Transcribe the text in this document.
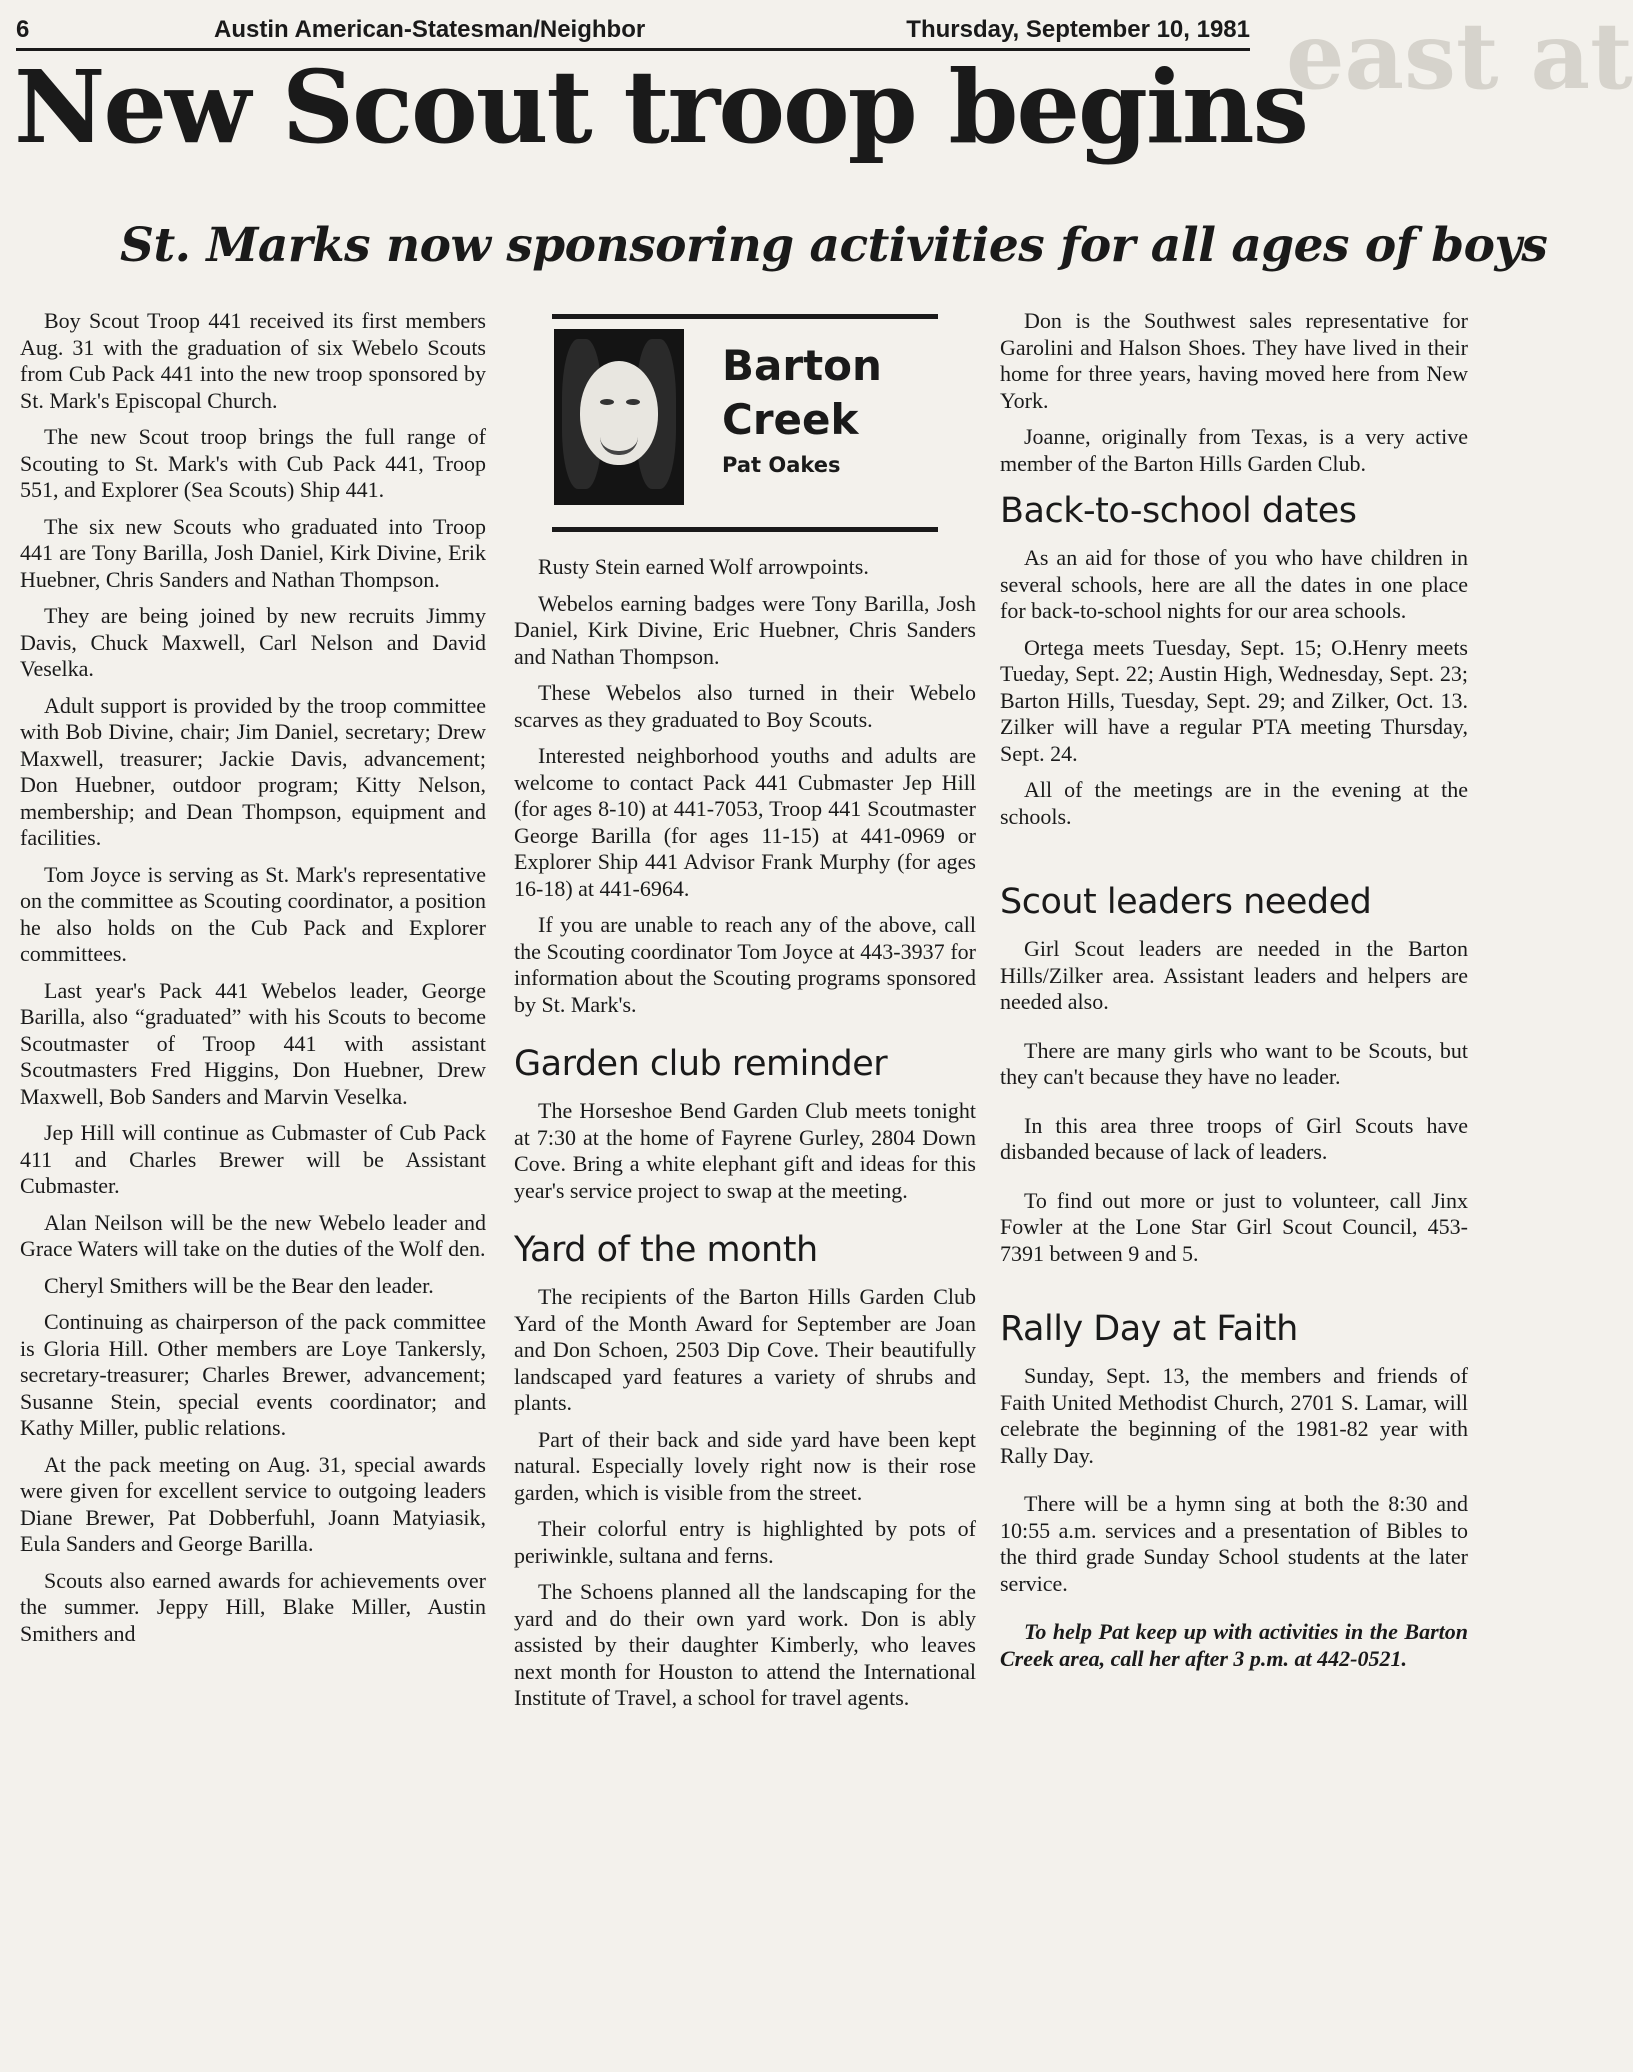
east at
6	Austin American-Statesman/Neighbor	Thursday, September 10, 1981
New Scout troop begins
St. Marks now sponsoring activities for all ages of boys

Boy Scout Troop 441 received its first members Aug. 31 with the graduation of six Webelo Scouts from Cub Pack 441 into the new troop sponsored by St. Mark's Episcopal Church.

The new Scout troop brings the full range of Scouting to St. Mark's with Cub Pack 441, Troop 551, and Explorer (Sea Scouts) Ship 441.

The six new Scouts who graduated into Troop 441 are Tony Barilla, Josh Daniel, Kirk Divine, Erik Huebner, Chris Sanders and Nathan Thompson.

They are being joined by new recruits Jimmy Davis, Chuck Maxwell, Carl Nelson and David Veselka.

Adult support is provided by the troop committee with Bob Divine, chair; Jim Daniel, secretary; Drew Maxwell, treasurer; Jackie Davis, advancement; Don Huebner, outdoor program; Kitty Nelson, membership; and Dean Thompson, equipment and facilities.

Tom Joyce is serving as St. Mark's representative on the committee as Scouting coordinator, a position he also holds on the Cub Pack and Explorer committees.

Last year's Pack 441 Webelos leader, George Barilla, also “graduated” with his Scouts to become Scoutmaster of Troop 441 with assistant Scoutmasters Fred Higgins, Don Huebner, Drew Maxwell, Bob Sanders and Marvin Veselka.

Jep Hill will continue as Cubmaster of Cub Pack 411 and Charles Brewer will be Assistant Cubmaster.

Alan Neilson will be the new Webelo leader and Grace Waters will take on the duties of the Wolf den.

Cheryl Smithers will be the Bear den leader.

Continuing as chairperson of the pack committee is Gloria Hill. Other members are Loye Tankersly, secretary-treasurer; Charles Brewer, advancement; Susanne Stein, special events coordinator; and Kathy Miller, public relations.

At the pack meeting on Aug. 31, special awards were given for excellent service to outgoing leaders Diane Brewer, Pat Dobberfuhl, Joann Matyiasik, Eula Sanders and George Barilla.

Scouts also earned awards for achievements over the summer. Jeppy Hill, Blake Miller, Austin Smithers and

Barton
Creek
Pat Oakes

Rusty Stein earned Wolf arrowpoints.

Webelos earning badges were Tony Barilla, Josh Daniel, Kirk Divine, Eric Huebner, Chris Sanders and Nathan Thompson.

These Webelos also turned in their Webelo scarves as they graduated to Boy Scouts.

Interested neighborhood youths and adults are welcome to contact Pack 441 Cubmaster Jep Hill (for ages 8-10) at 441-7053, Troop 441 Scoutmaster George Barilla (for ages 11-15) at 441-0969 or Explorer Ship 441 Advisor Frank Murphy (for ages 16-18) at 441-6964.

If you are unable to reach any of the above, call the Scouting coordinator Tom Joyce at 443-3937 for information about the Scouting programs sponsored by St. Mark's.

Garden club reminder

The Horseshoe Bend Garden Club meets tonight at 7:30 at the home of Fayrene Gurley, 2804 Down Cove. Bring a white elephant gift and ideas for this year's service project to swap at the meeting.

Yard of the month

The recipients of the Barton Hills Garden Club Yard of the Month Award for September are Joan and Don Schoen, 2503 Dip Cove. Their beautifully landscaped yard features a variety of shrubs and plants.

Part of their back and side yard have been kept natural. Especially lovely right now is their rose garden, which is visible from the street.

Their colorful entry is highlighted by pots of periwinkle, sultana and ferns.

The Schoens planned all the landscaping for the yard and do their own yard work. Don is ably assisted by their daughter Kimberly, who leaves next month for Houston to attend the International Institute of Travel, a school for travel agents.

Don is the Southwest sales representative for Garolini and Halson Shoes. They have lived in their home for three years, having moved here from New York.

Joanne, originally from Texas, is a very active member of the Barton Hills Garden Club.

Back-to-school dates

As an aid for those of you who have children in several schools, here are all the dates in one place for back-to-school nights for our area schools.

Ortega meets Tuesday, Sept. 15; O.Henry meets Tueday, Sept. 22; Austin High, Wednesday, Sept. 23; Barton Hills, Tuesday, Sept. 29; and Zilker, Oct. 13. Zilker will have a regular PTA meeting Thursday, Sept. 24.

All of the meetings are in the evening at the schools.

Scout leaders needed

Girl Scout leaders are needed in the Barton Hills/Zilker area. Assistant leaders and helpers are needed also.

There are many girls who want to be Scouts, but they can't because they have no leader.

In this area three troops of Girl Scouts have disbanded because of lack of leaders.

To find out more or just to volunteer, call Jinx Fowler at the Lone Star Girl Scout Council, 453-7391 between 9 and 5.

Rally Day at Faith

Sunday, Sept. 13, the members and friends of Faith United Methodist Church, 2701 S. Lamar, will celebrate the beginning of the 1981-82 year with Rally Day.

There will be a hymn sing at both the 8:30 and 10:55 a.m. services and a presentation of Bibles to the third grade Sunday School students at the later service.

To help Pat keep up with activities in the Barton Creek area, call her after 3 p.m. at 442-0521.
